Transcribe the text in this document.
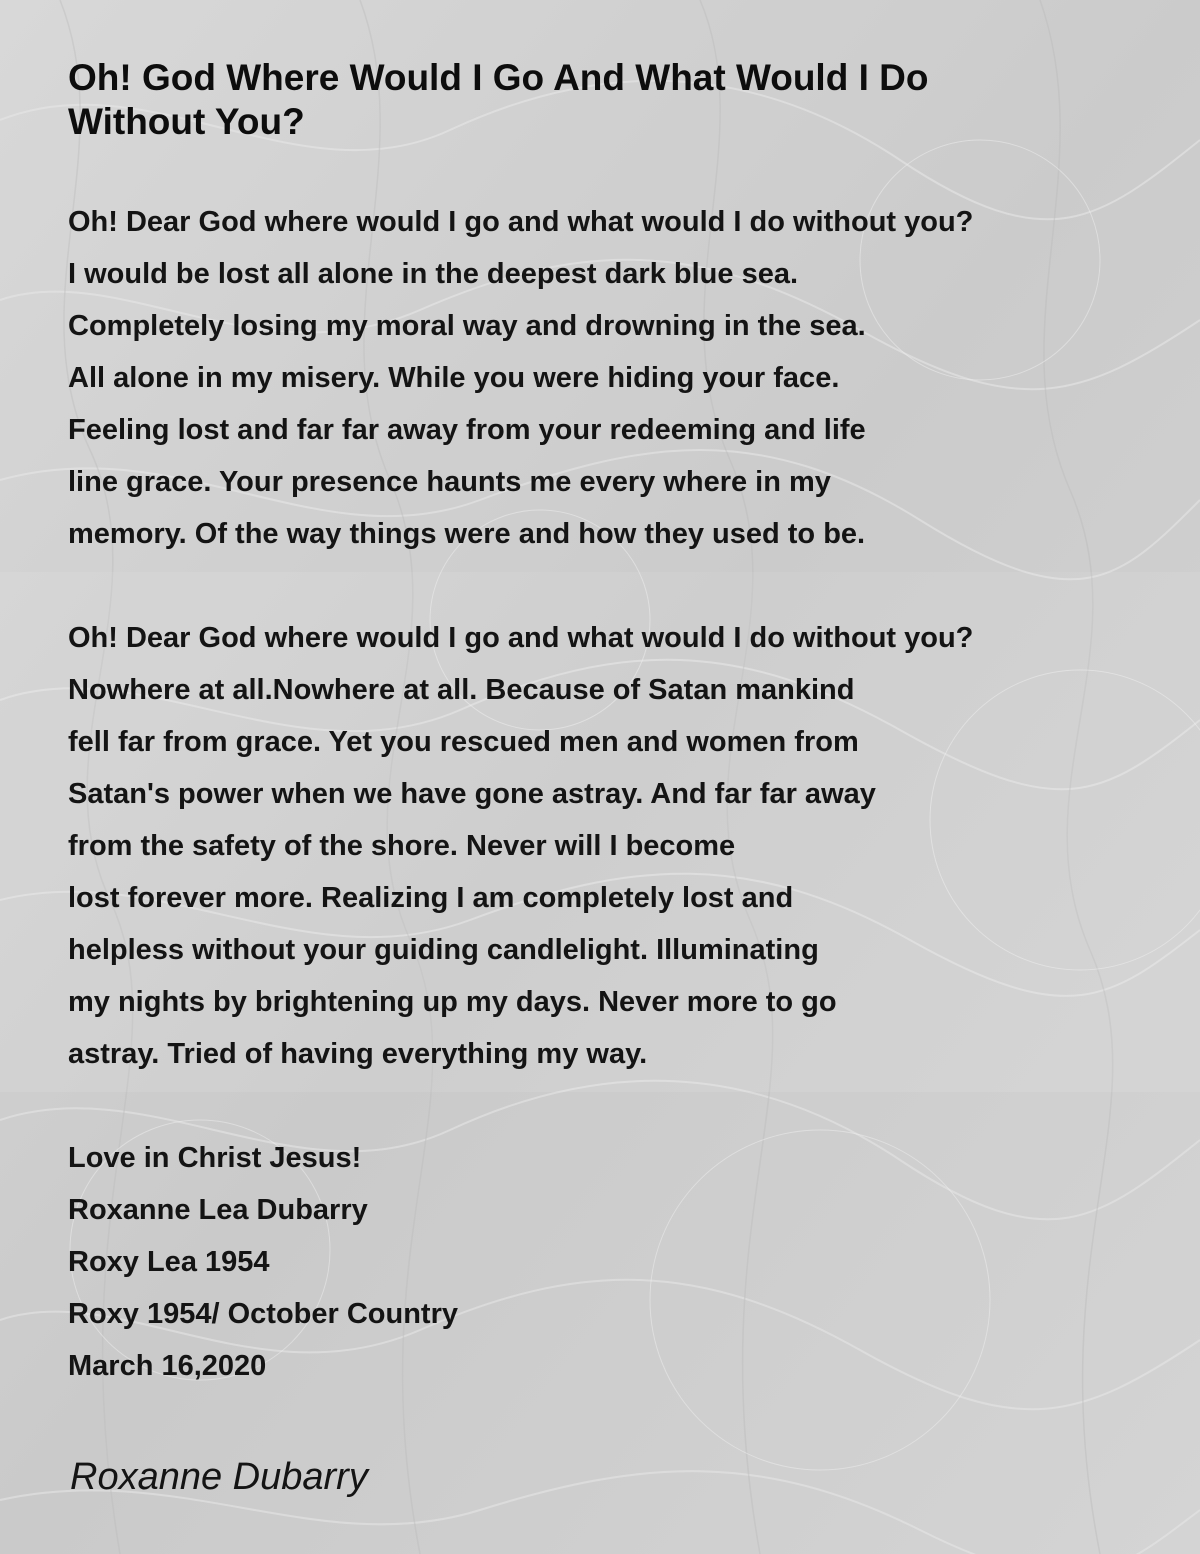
Oh! God Where Would I Go And What Would I Do Without You?
Oh! Dear God where would I go and what would I do without you?
I would be lost all alone in the deepest dark blue sea.
Completely losing my moral way and drowning in the sea.
All alone in my misery. While you were hiding your face.
Feeling lost and far far away from your redeeming and life
line grace. Your presence haunts me every where in my
memory. Of the way things were and how they used to be.
Oh! Dear God where would I go and what would I do without you?
Nowhere at all.Nowhere at all. Because of Satan mankind
fell far from grace. Yet you rescued men and women from
Satan's power when we have gone astray. And far far away
from the safety of the shore. Never will I become
lost forever more. Realizing I am completely lost and
helpless without your guiding candlelight. Illuminating
my nights by brightening up my days. Never more to go
astray. Tried of having everything my way.
Love in Christ Jesus!
Roxanne Lea Dubarry
Roxy Lea 1954
Roxy 1954/ October Country
March 16,2020
Roxanne Dubarry
